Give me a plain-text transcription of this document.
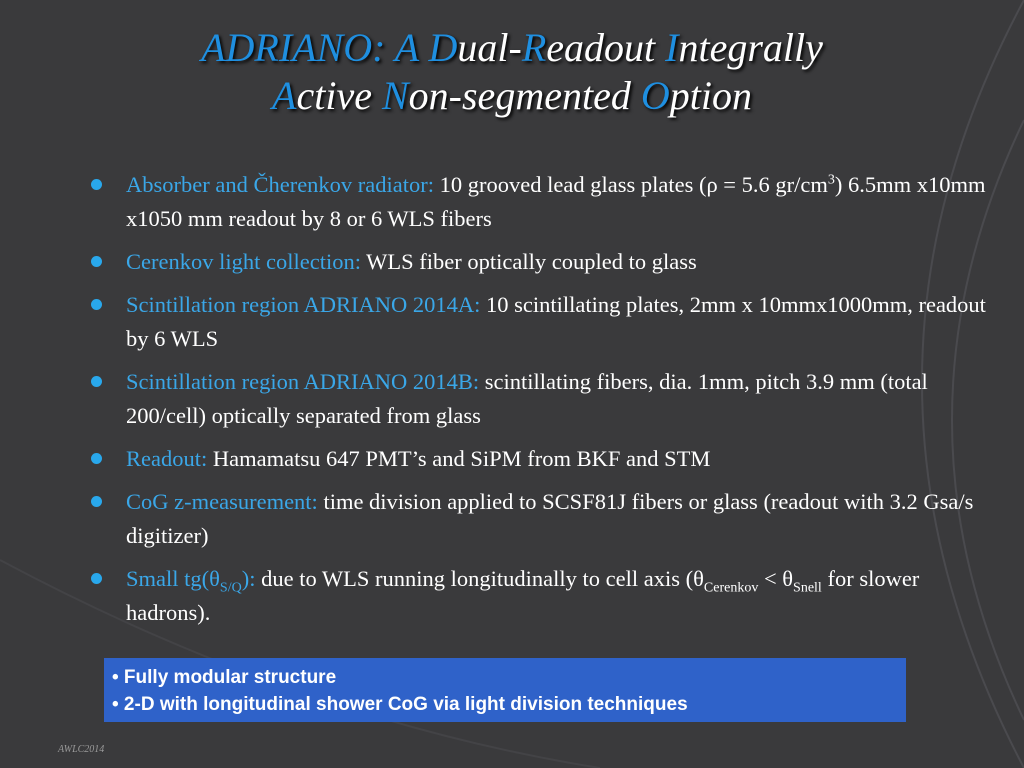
ADRIANO: A Dual-Readout Integrally
Active Non-segmented Option
Absorber and Čherenkov radiator: 10 grooved lead glass plates (ρ = 5.6 $gr/cm^3$) 6.5mm x10mm x1050 mm readout by 8 or 6 WLS fibers
Cerenkov light collection: WLS fiber optically coupled to glass
Scintillation region ADRIANO 2014A: 10 scintillating plates, 2mm x 10mmx1000mm, readout by 6 WLS
Scintillation region ADRIANO 2014B: scintillating fibers, dia. 1mm, pitch 3.9 mm (total 200/cell) optically separated from glass
Readout: Hamamatsu 647 PMT’s and SiPM from BKF and STM
CoG z-measurement: time division applied to SCSF81J fibers or glass (readout with 3.2 Gsa/s digitizer)
Small $tg(\theta_{S/Q})$: due to WLS running longitudinally to cell axis ($\theta_{Cerenkov} < \theta_{Snell}$ for slower hadrons).
• Fully modular structure
• 2-D with longitudinal shower CoG via light division techniques
AWLC2014
